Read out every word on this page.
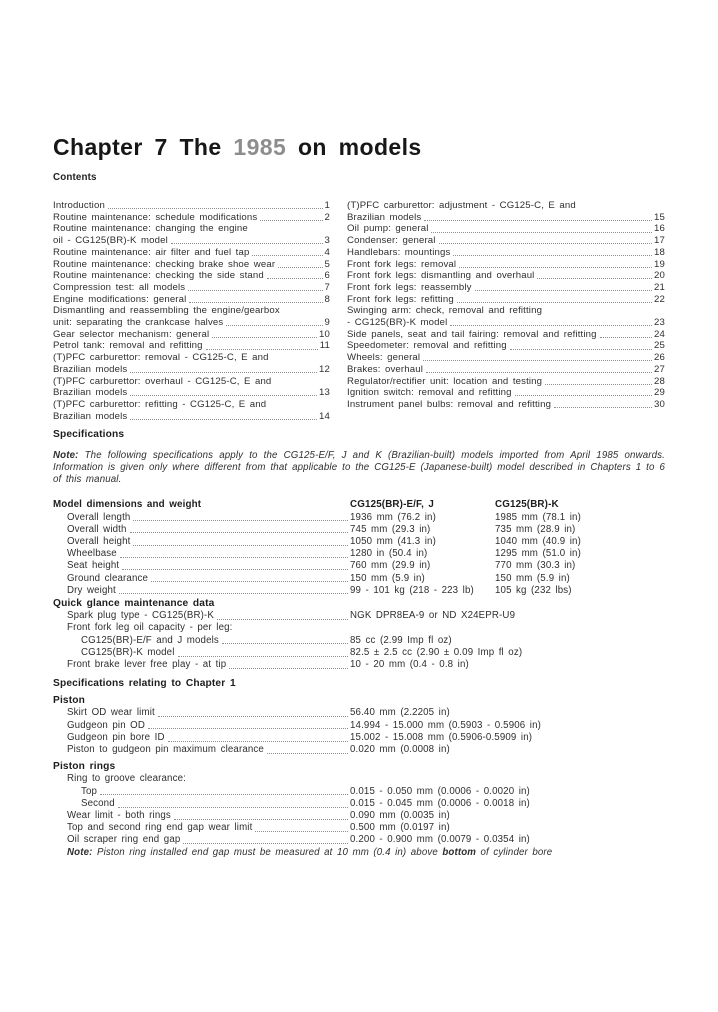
Chapter 7 The 1985 on models
Contents
Introduction	1
Routine maintenance: schedule modifications	2
Routine maintenance: changing the engine
oil - CG125(BR)-K model	3
Routine maintenance: air filter and fuel tap	4
Routine maintenance: checking brake shoe wear	5
Routine maintenance: checking the side stand	6
Compression test: all models	7
Engine modifications: general	8
Dismantling and reassembling the engine/gearbox
unit: separating the crankcase halves	9
Gear selector mechanism: general	10
Petrol tank: removal and refitting	11
(T)PFC carburettor: removal - CG125-C, E and
Brazilian models	12
(T)PFC carburettor: overhaul - CG125-C, E and
Brazilian models	13
(T)PFC carburettor: refitting - CG125-C, E and
Brazilian models	14
(T)PFC carburettor: adjustment - CG125-C, E and
Brazilian models	15
Oil pump: general	16
Condenser: general	17
Handlebars: mountings	18
Front fork legs: removal	19
Front fork legs: dismantling and overhaul	20
Front fork legs: reassembly	21
Front fork legs: refitting	22
Swinging arm: check, removal and refitting
- CG125(BR)-K model	23
Side panels, seat and tail fairing: removal and refitting	24
Speedometer: removal and refitting	25
Wheels: general	26
Brakes: overhaul	27
Regulator/rectifier unit: location and testing	28
Ignition switch: removal and refitting	29
Instrument panel bulbs: removal and refitting	30
Specifications

Note: The following specifications apply to the CG125-E/F, J and K (Brazilian-built) models imported from April 1985 onwards. Information is given only where different from that applicable to the CG125-E (Japanese-built) model described in Chapters 1 to 6 of this manual.

Model dimensions and weight	CG125(BR)-E/F, J	CG125(BR)-K
Overall length	1936 mm (76.2 in)	1985 mm (78.1 in)
Overall width	745 mm (29.3 in)	735 mm (28.9 in)
Overall height	1050 mm (41.3 in)	1040 mm (40.9 in)
Wheelbase	1280 in (50.4 in)	1295 mm (51.0 in)
Seat height	760 mm (29.9 in)	770 mm (30.3 in)
Ground clearance	150 mm (5.9 in)	150 mm (5.9 in)
Dry weight	99 - 101 kg (218 - 223 lb)	105 kg (232 lbs)
Quick glance maintenance data
Spark plug type - CG125(BR)-K	NGK DPR8EA-9 or ND X24EPR-U9
Front fork leg oil capacity - per leg:
CG125(BR)-E/F and J models	85 cc (2.99 Imp fl oz)
CG125(BR)-K model	82.5 ± 2.5 cc (2.90 ± 0.09 Imp fl oz)
Front brake lever free play - at tip	10 - 20 mm (0.4 - 0.8 in)
Specifications relating to Chapter 1
Piston
Skirt OD wear limit	56.40 mm (2.2205 in)
Gudgeon pin OD	14.994 - 15.000 mm (0.5903 - 0.5906 in)
Gudgeon pin bore ID	15.002 - 15.008 mm (0.5906-0.5909 in)
Piston to gudgeon pin maximum clearance	0.020 mm (0.0008 in)
Piston rings
Ring to groove clearance:
Top	0.015 - 0.050 mm (0.0006 - 0.0020 in)
Second	0.015 - 0.045 mm (0.0006 - 0.0018 in)
Wear limit - both rings	0.090 mm (0.0035 in)
Top and second ring end gap wear limit	0.500 mm (0.0197 in)
Oil scraper ring end gap	0.200 - 0.900 mm (0.0079 - 0.0354 in)

Note: Piston ring installed end gap must be measured at 10 mm (0.4 in) above bottom of cylinder bore
